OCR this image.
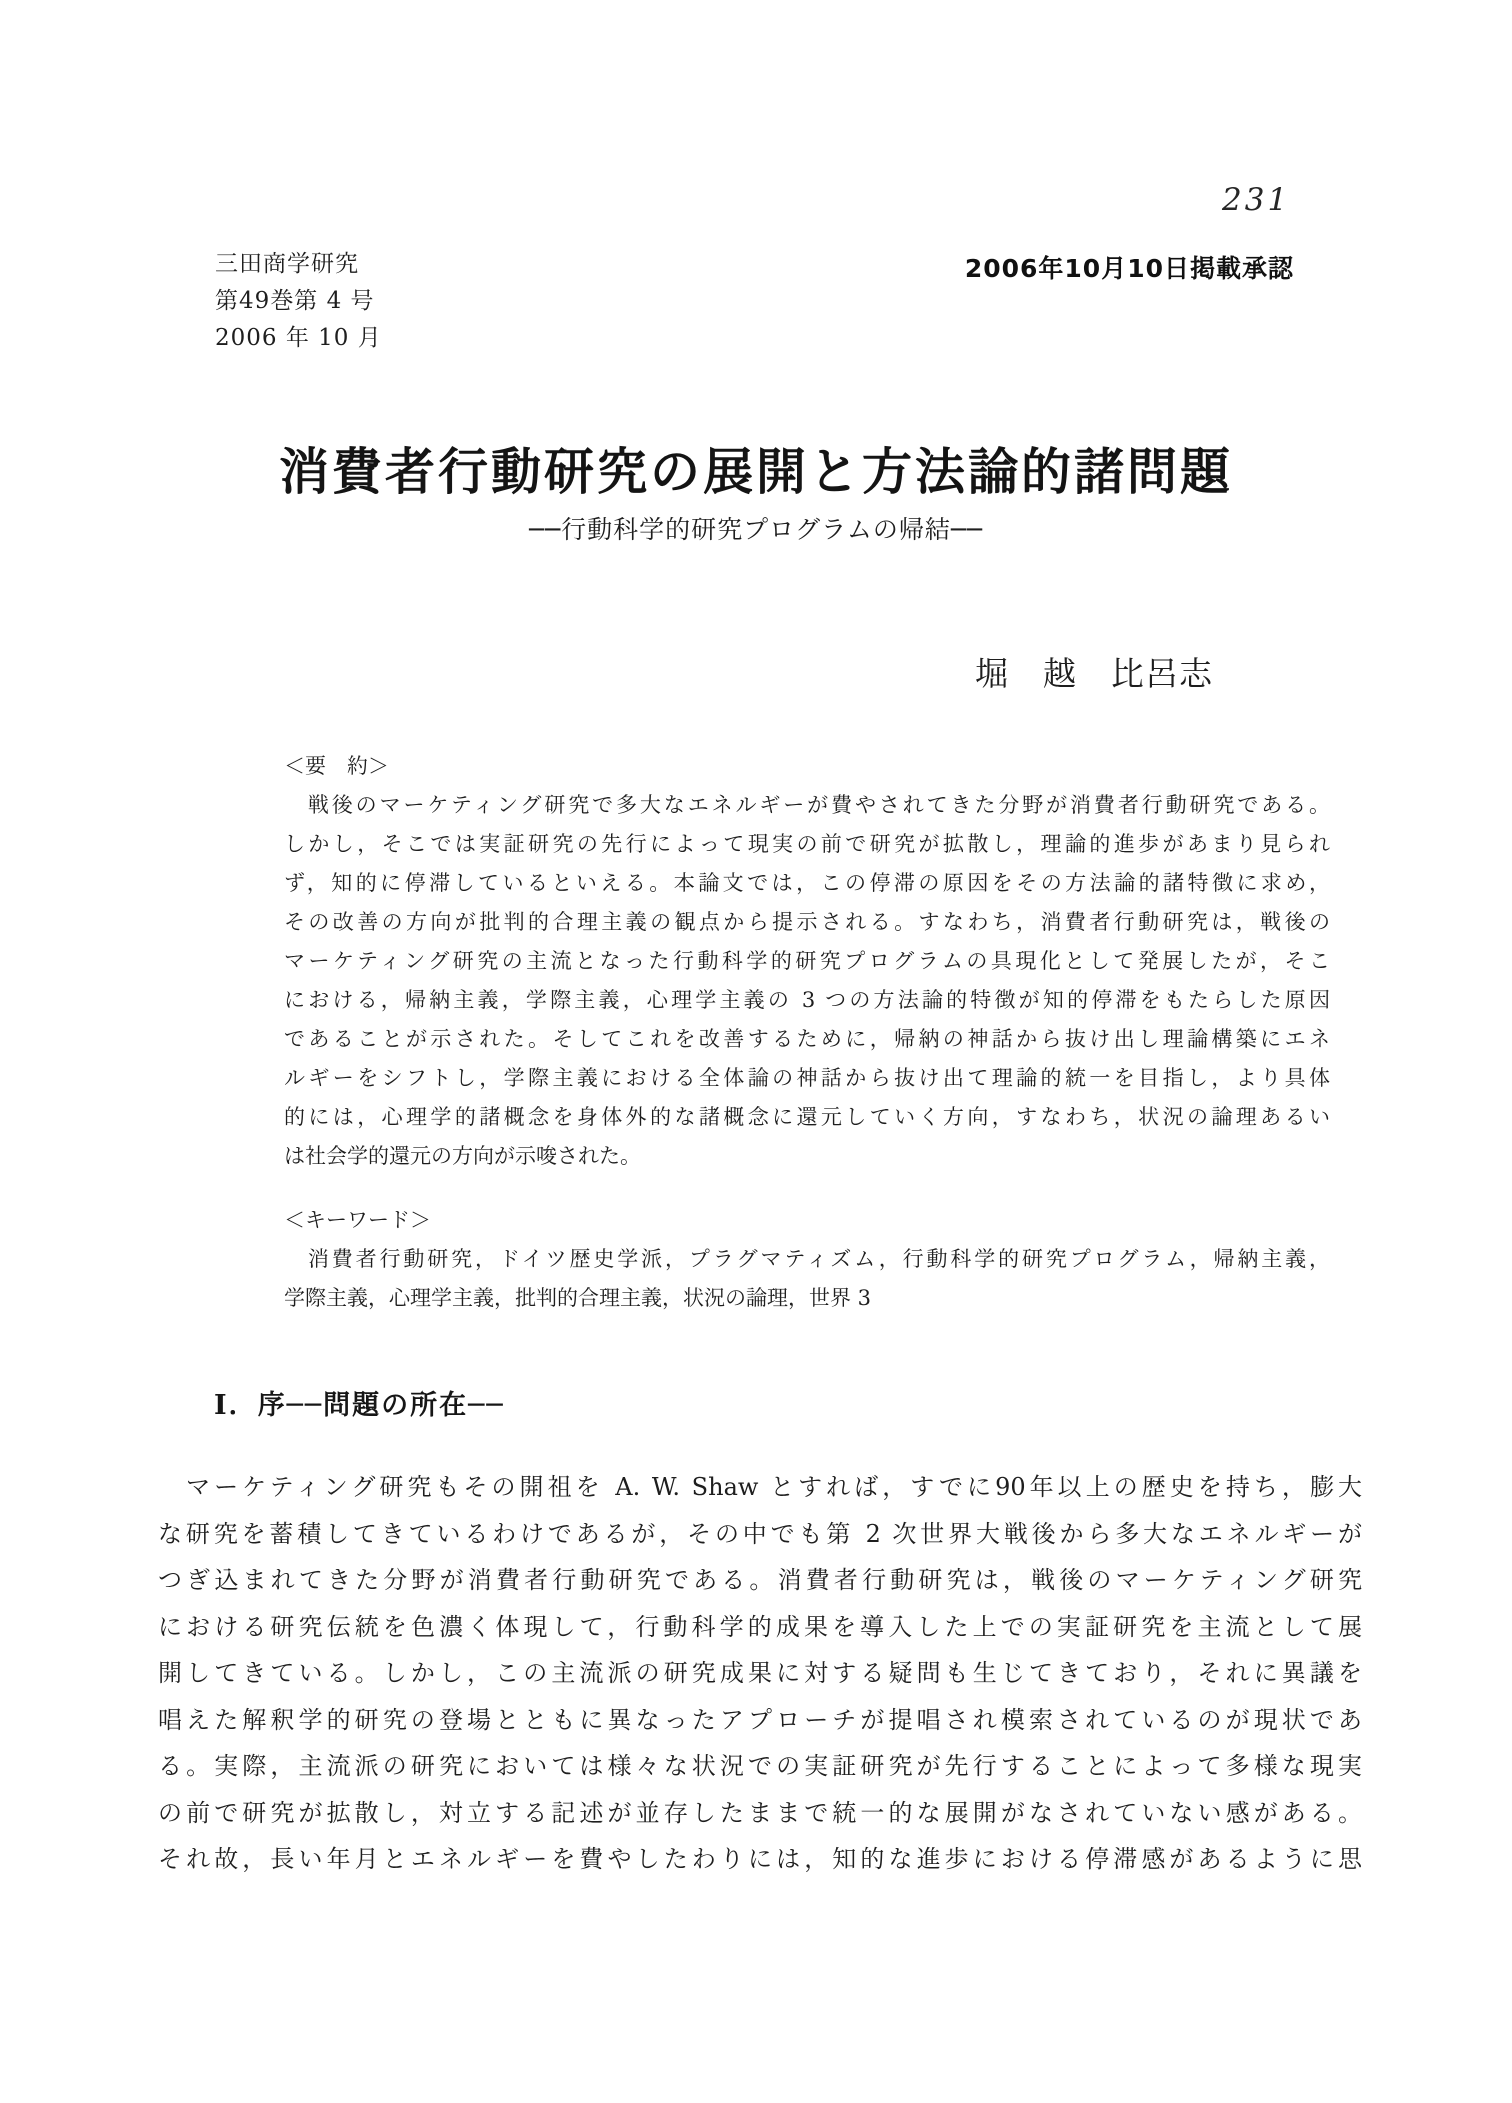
231
三田商学研究
第49巻第 4 号
2006 年 10 月
2006年10月10日掲載承認
消費者行動研究の展開と方法論的諸問題
──行動科学的研究プログラムの帰結──
堀　越　比呂志
＜要　約＞
　戦後のマーケティング研究で多大なエネルギーが費やされてきた分野が消費者行動研究である。
しかし，そこでは実証研究の先行によって現実の前で研究が拡散し，理論的進歩があまり見られ
ず，知的に停滞しているといえる。本論文では，この停滞の原因をその方法論的諸特徴に求め，
その改善の方向が批判的合理主義の観点から提示される。すなわち，消費者行動研究は，戦後の
マーケティング研究の主流となった行動科学的研究プログラムの具現化として発展したが，そこ
における，帰納主義，学際主義，心理学主義の 3 つの方法論的特徴が知的停滞をもたらした原因
であることが示された。そしてこれを改善するために，帰納の神話から抜け出し理論構築にエネ
ルギーをシフトし，学際主義における全体論の神話から抜け出て理論的統一を目指し，より具体
的には，心理学的諸概念を身体外的な諸概念に還元していく方向，すなわち，状況の論理あるい
は社会学的還元の方向が示唆された。
＜キーワード＞
　消費者行動研究，ドイツ歴史学派，プラグマティズム，行動科学的研究プログラム，帰納主義，
学際主義，心理学主義，批判的合理主義，状況の論理，世界 3
Ⅰ．序──問題の所在──
　マーケティング研究もその開祖を A. W. Shaw とすれば，すでに90年以上の歴史を持ち，膨大
な研究を蓄積してきているわけであるが，その中でも第 2 次世界大戦後から多大なエネルギーが
つぎ込まれてきた分野が消費者行動研究である。消費者行動研究は，戦後のマーケティング研究
における研究伝統を色濃く体現して，行動科学的成果を導入した上での実証研究を主流として展
開してきている。しかし，この主流派の研究成果に対する疑問も生じてきており，それに異議を
唱えた解釈学的研究の登場とともに異なったアプローチが提唱され模索されているのが現状であ
る。実際，主流派の研究においては様々な状況での実証研究が先行することによって多様な現実
の前で研究が拡散し，対立する記述が並存したままで統一的な展開がなされていない感がある。
それ故，長い年月とエネルギーを費やしたわりには，知的な進歩における停滞感があるように思
